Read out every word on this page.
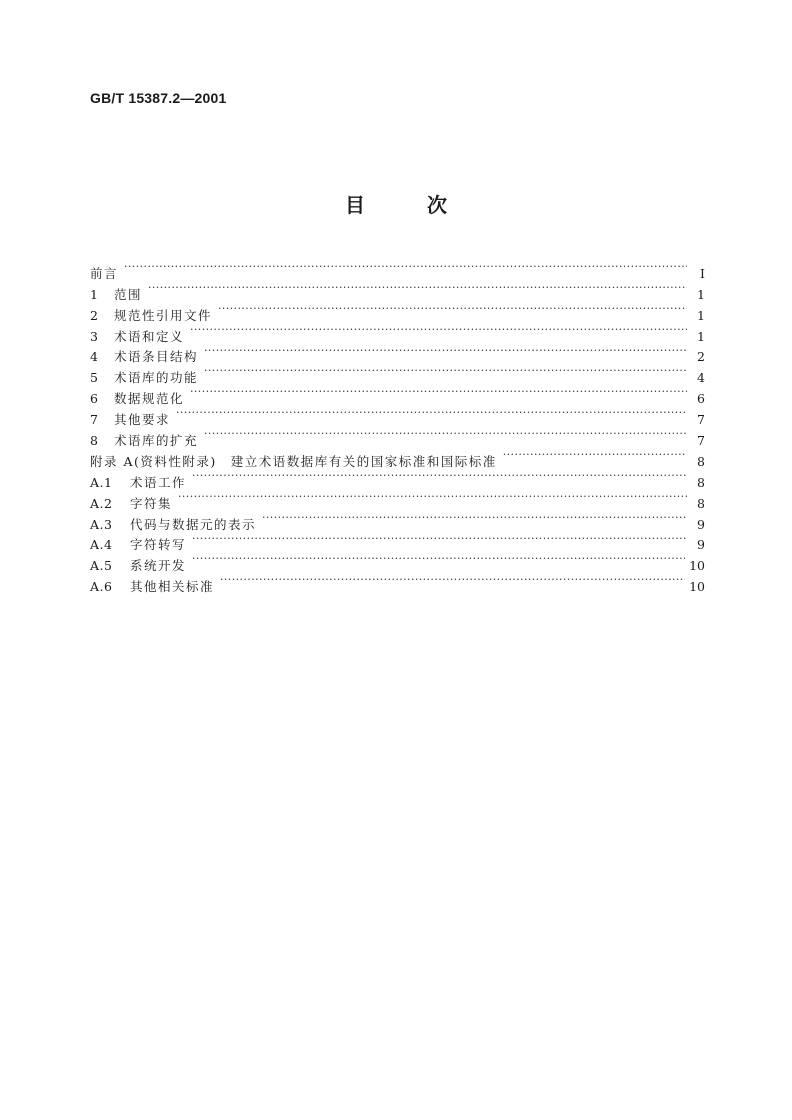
GB/T 15387.2—2001
目	次
前言 ·····	I
1	范围 ·····	1
2	规范性引用文件 ·····	1
3	术语和定义 ·····	1
4	术语条目结构 ·····	2
5	术语库的功能 ·····	4
6	数据规范化 ·····	6
7	其他要求 ·····	7
8	术语库的扩充 ·····	7
附录 A(资料性附录)　建立术语数据库有关的国家标准和国际标准 ·····	8
A.1	术语工作 ·····	8
A.2	字符集 ·····	8
A.3	代码与数据元的表示 ·····	9
A.4	字符转写 ·····	9
A.5	系统开发 ·····	10
A.6	其他相关标准 ·····	10
